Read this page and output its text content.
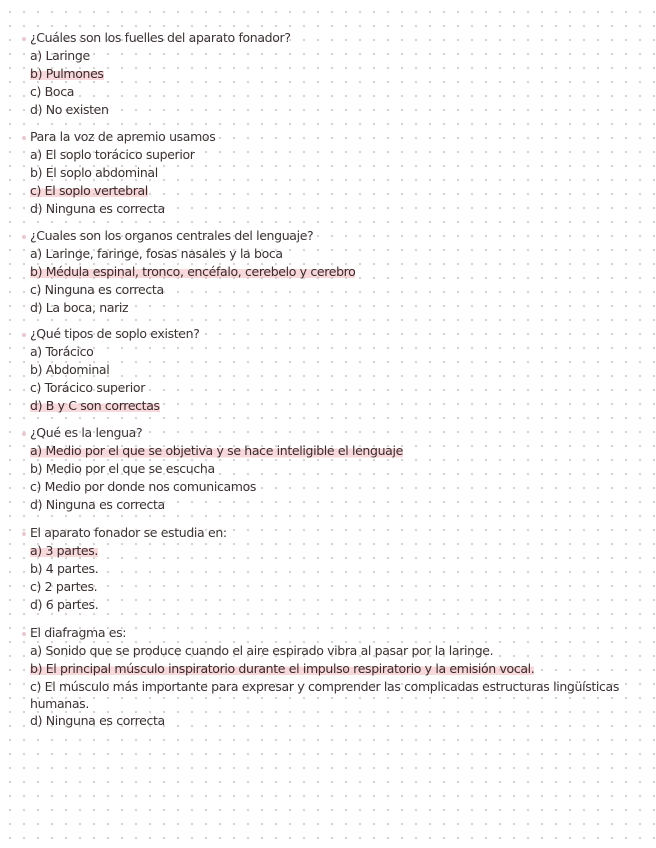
¿Cuáles son los fuelles del aparato fonador?
a) Laringe
b) Pulmones
c) Boca
d) No existen
Para la voz de apremio usamos
a) El soplo torácico superior
b) El soplo abdominal
c) El soplo vertebral
d) Ninguna es correcta
¿Cuales son los organos centrales del lenguaje?
a) Laringe, faringe, fosas nasales y la boca
b) Médula espinal, tronco, encéfalo, cerebelo y cerebro
c) Ninguna es correcta
d) La boca, nariz
¿Qué tipos de soplo existen?
a) Torácico
b) Abdominal
c) Torácico superior
d) B y C son correctas
¿Qué es la lengua?
a) Medio por el que se objetiva y se hace inteligible el lenguaje
b) Medio por el que se escucha
c) Medio por donde nos comunicamos
d) Ninguna es correcta
El aparato fonador se estudia en:
a) 3 partes.
b) 4 partes.
c) 2 partes.
d) 6 partes.
El diafragma es:
a) Sonido que se produce cuando el aire espirado vibra al pasar por la laringe.
b) El principal músculo inspiratorio durante el impulso respiratorio y la emisión vocal.
c) El músculo más importante para expresar y comprender las complicadas estructuras lingüísticas humanas.
d) Ninguna es correcta
